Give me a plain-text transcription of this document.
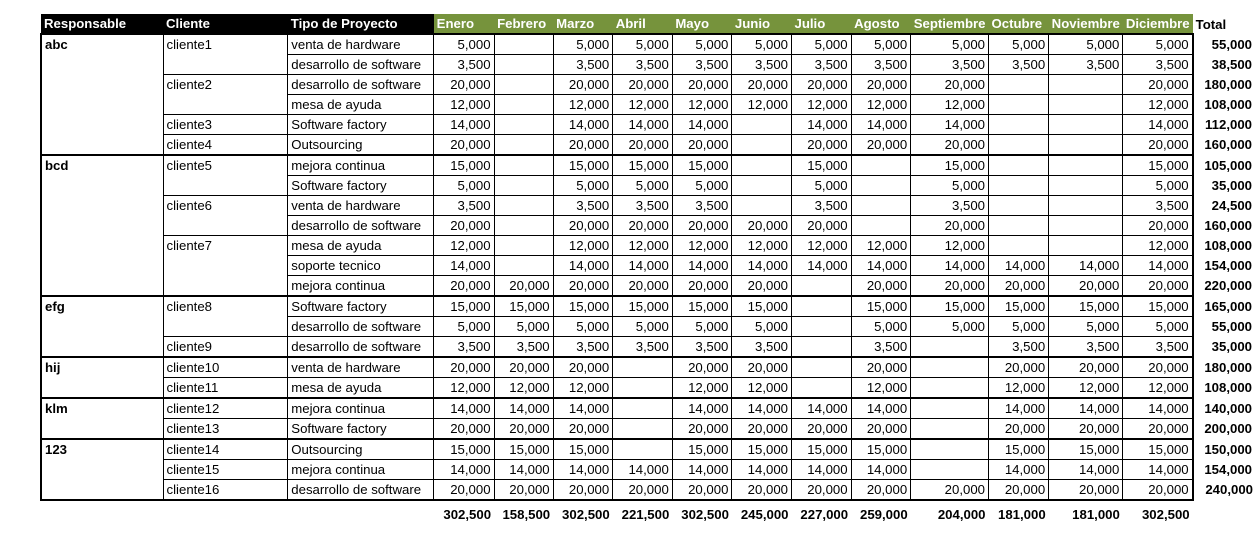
Responsable	Cliente	Tipo de Proyecto	Enero	Febrero	Marzo	Abril	Mayo	Junio	Julio	Agosto	Septiembre	Octubre	Noviembre	Diciembre	Total
abc	cliente1	venta de hardware	5,000		5,000	5,000	5,000	5,000	5,000	5,000	5,000	5,000	5,000	5,000	55,000
		desarrollo de software	3,500		3,500	3,500	3,500	3,500	3,500	3,500	3,500	3,500	3,500	3,500	38,500
	cliente2	desarrollo de software	20,000		20,000	20,000	20,000	20,000	20,000	20,000	20,000			20,000	180,000
		mesa de ayuda	12,000		12,000	12,000	12,000	12,000	12,000	12,000	12,000			12,000	108,000
	cliente3	Software factory	14,000		14,000	14,000	14,000		14,000	14,000	14,000			14,000	112,000
	cliente4	Outsourcing	20,000		20,000	20,000	20,000		20,000	20,000	20,000			20,000	160,000
bcd	cliente5	mejora continua	15,000		15,000	15,000	15,000		15,000		15,000			15,000	105,000
		Software factory	5,000		5,000	5,000	5,000		5,000		5,000			5,000	35,000
	cliente6	venta de hardware	3,500		3,500	3,500	3,500		3,500		3,500			3,500	24,500
		desarrollo de software	20,000		20,000	20,000	20,000	20,000	20,000		20,000			20,000	160,000
	cliente7	mesa de ayuda	12,000		12,000	12,000	12,000	12,000	12,000	12,000	12,000			12,000	108,000
		soporte tecnico	14,000		14,000	14,000	14,000	14,000	14,000	14,000	14,000	14,000	14,000	14,000	154,000
		mejora continua	20,000	20,000	20,000	20,000	20,000	20,000		20,000	20,000	20,000	20,000	20,000	220,000
efg	cliente8	Software factory	15,000	15,000	15,000	15,000	15,000	15,000		15,000	15,000	15,000	15,000	15,000	165,000
		desarrollo de software	5,000	5,000	5,000	5,000	5,000	5,000		5,000	5,000	5,000	5,000	5,000	55,000
	cliente9	desarrollo de software	3,500	3,500	3,500	3,500	3,500	3,500		3,500		3,500	3,500	3,500	35,000
hij	cliente10	venta de hardware	20,000	20,000	20,000		20,000	20,000		20,000		20,000	20,000	20,000	180,000
	cliente11	mesa de ayuda	12,000	12,000	12,000		12,000	12,000		12,000		12,000	12,000	12,000	108,000
klm	cliente12	mejora continua	14,000	14,000	14,000		14,000	14,000	14,000	14,000		14,000	14,000	14,000	140,000
	cliente13	Software factory	20,000	20,000	20,000		20,000	20,000	20,000	20,000		20,000	20,000	20,000	200,000
123	cliente14	Outsourcing	15,000	15,000	15,000		15,000	15,000	15,000	15,000		15,000	15,000	15,000	150,000
	cliente15	mejora continua	14,000	14,000	14,000	14,000	14,000	14,000	14,000	14,000		14,000	14,000	14,000	154,000
	cliente16	desarrollo de software	20,000	20,000	20,000	20,000	20,000	20,000	20,000	20,000	20,000	20,000	20,000	20,000	240,000
			302,500	158,500	302,500	221,500	302,500	245,000	227,000	259,000	204,000	181,000	181,000	302,500	
